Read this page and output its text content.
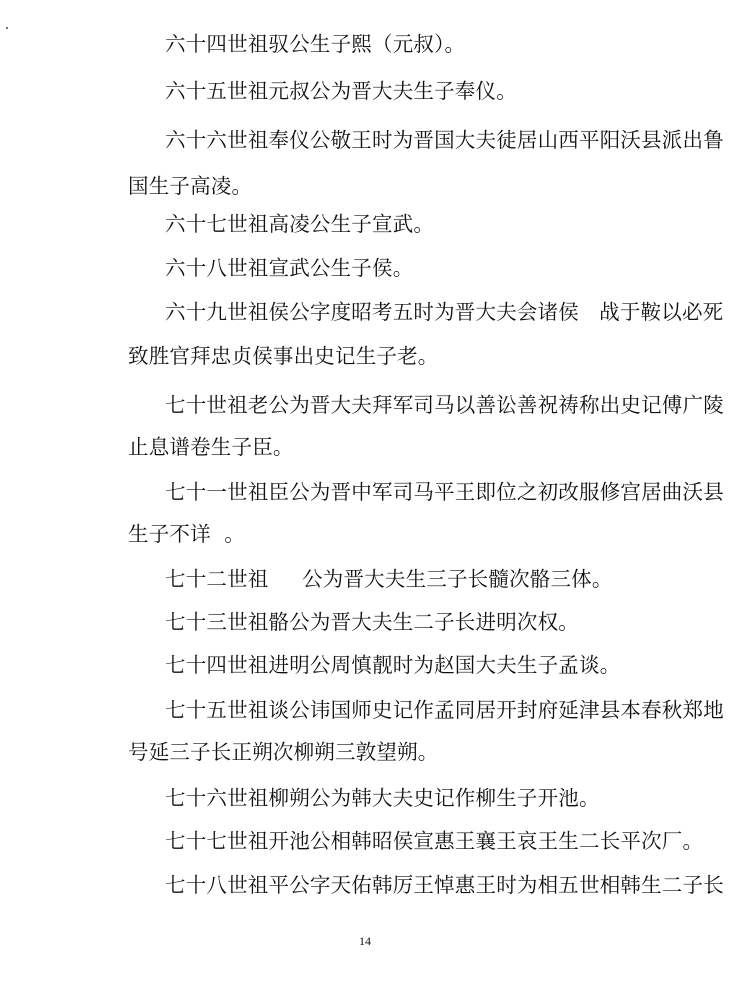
六十四世祖驭公生子熙（元叔）。
六十五世祖元叔公为晋大夫生子奉仪。
六十六世祖奉仪公敬王时为晋国大夫徒居山西平阳沃县派出鲁
国生子高凌。
六十七世祖高凌公生子宣武。
六十八世祖宣武公生子侯。
六十九世祖侯公字度昭考五时为晋大夫会诸侯   战于鞍以必死
致胜官拜忠贞侯事出史记生子老。
七十世祖老公为晋大夫拜军司马以善讼善祝祷称出史记傅广陵
止息谱卷生子臣。
七十一世祖臣公为晋中军司马平王即位之初改服修宫居曲沃县
生子不详  。
七十二世祖     公为晋大夫生三子长髓次骼三体。
七十三世祖骼公为晋大夫生二子长进明次权。
七十四世祖进明公周慎靓时为赵国大夫生子孟谈。
七十五世祖谈公讳国师史记作孟同居开封府延津县本春秋郑地
号延三子长正朔次柳朔三敦望朔。
七十六世祖柳朔公为韩大夫史记作柳生子开池。
七十七世祖开池公相韩昭侯宣惠王襄王哀王生二长平次厂。
七十八世祖平公字天佑韩厉王悼惠王时为相五世相韩生二子长
14
